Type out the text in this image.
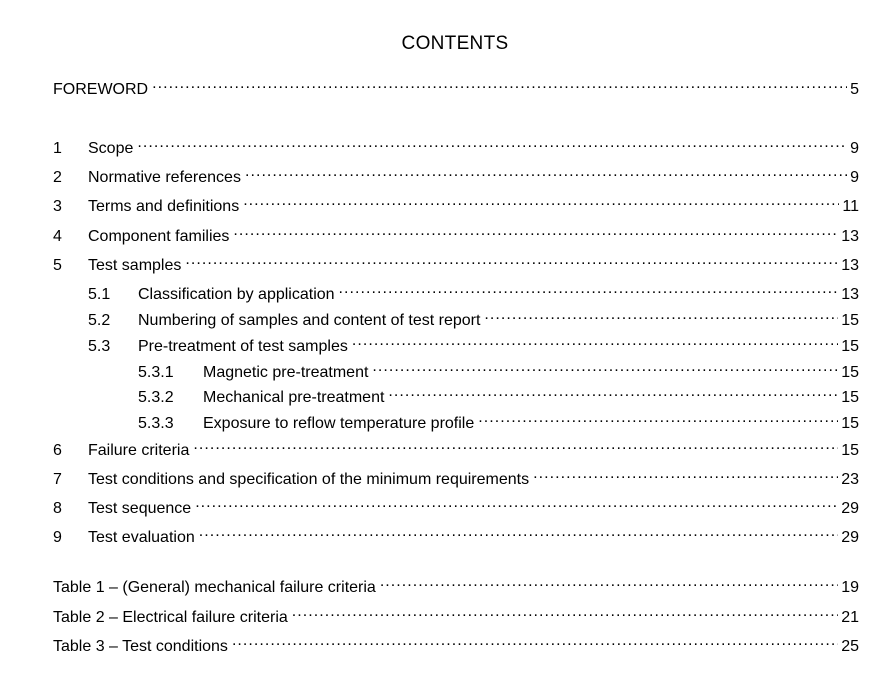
CONTENTS
FOREWORD .....	5
1	Scope .....	9
2	Normative references .....	9
3	Terms and definitions .....	11
4	Component families .....	13
5	Test samples .....	13
5.1	Classification by application .....	13
5.2	Numbering of samples and content of test report .....	15
5.3	Pre-treatment of test samples .....	15
5.3.1	Magnetic pre-treatment .....	15
5.3.2	Mechanical pre-treatment .....	15
5.3.3	Exposure to reflow temperature profile .....	15
6	Failure criteria .....	15
7	Test conditions and specification of the minimum requirements .....	23
8	Test sequence .....	29
9	Test evaluation .....	29
Table 1 – (General) mechanical failure criteria .....	19
Table 2 – Electrical failure criteria .....	21
Table 3 – Test conditions .....	25
